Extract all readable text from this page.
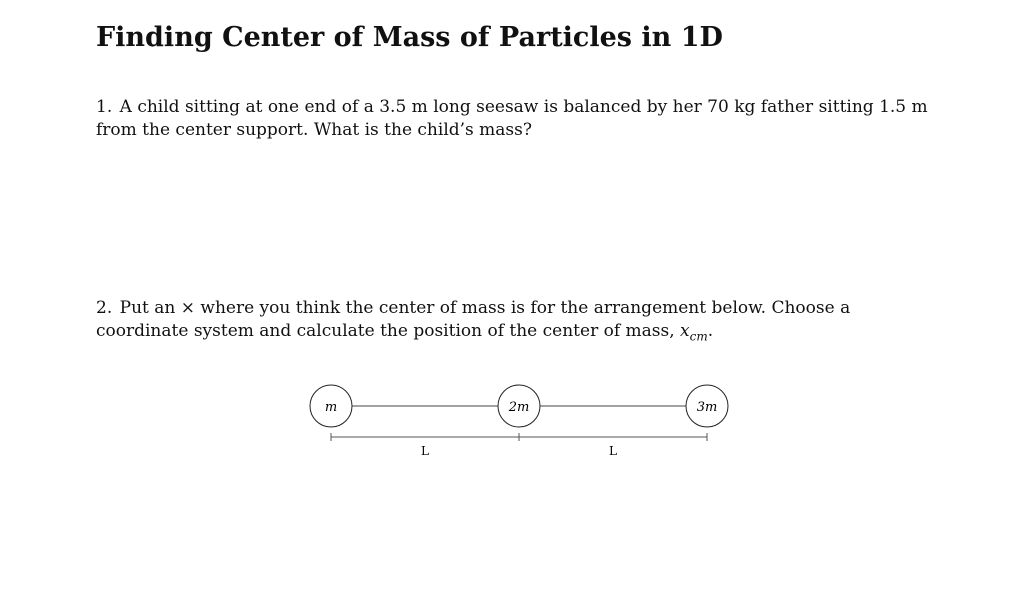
Finding Center of Mass of Particles in 1D

1. A child sitting at one end of a 3.5 m long seesaw is balanced by her 70 kg father sitting 1.5 m from the center support. What is the child’s mass?

2. Put an × where you think the center of mass is for the arrangement below. Choose a coordinate system and calculate the position of the center of mass, $x_{cm}$.

m	2m	3m
L	L
